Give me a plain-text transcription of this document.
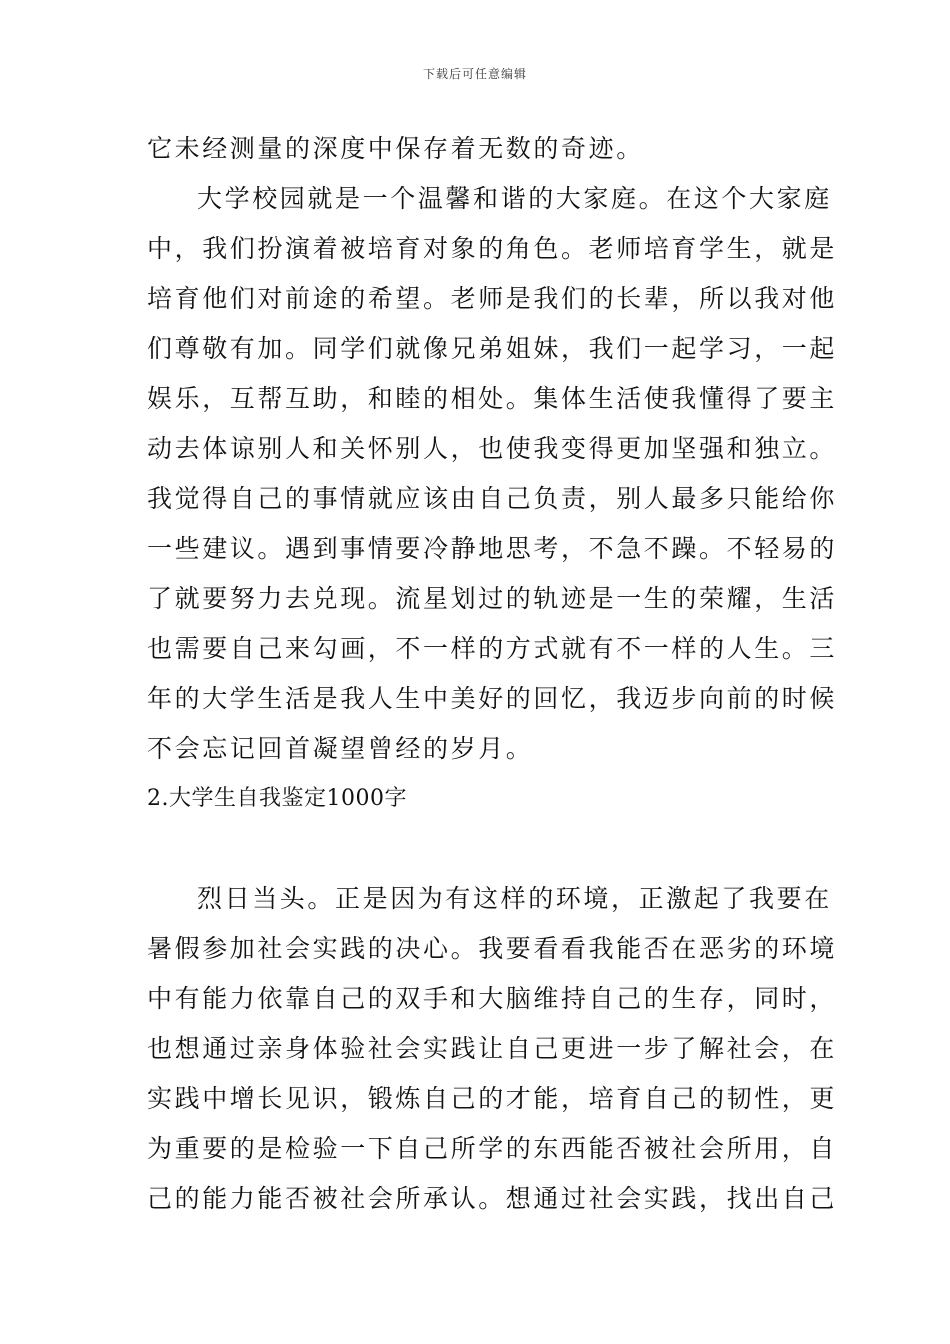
下载后可任意编辑
它未经测量的深度中保存着无数的奇迹。
大学校园就是一个温馨和谐的大家庭。在这个大家庭
中，我们扮演着被培育对象的角色。老师培育学生，就是
培育他们对前途的希望。老师是我们的长辈，所以我对他
们尊敬有加。同学们就像兄弟姐妹，我们一起学习，一起
娱乐，互帮互助，和睦的相处。集体生活使我懂得了要主
动去体谅别人和关怀别人，也使我变得更加坚强和独立。
我觉得自己的事情就应该由自己负责，别人最多只能给你
一些建议。遇到事情要冷静地思考，不急不躁。不轻易的
了就要努力去兑现。流星划过的轨迹是一生的荣耀，生活
也需要自己来勾画，不一样的方式就有不一样的人生。三
年的大学生活是我人生中美好的回忆，我迈步向前的时候
不会忘记回首凝望曾经的岁月。
2.大学生自我鉴定1000字
烈日当头。正是因为有这样的环境，正激起了我要在
暑假参加社会实践的决心。我要看看我能否在恶劣的环境
中有能力依靠自己的双手和大脑维持自己的生存，同时，
也想通过亲身体验社会实践让自己更进一步了解社会，在
实践中增长见识，锻炼自己的才能，培育自己的韧性，更
为重要的是检验一下自己所学的东西能否被社会所用，自
己的能力能否被社会所承认。想通过社会实践，找出自己
